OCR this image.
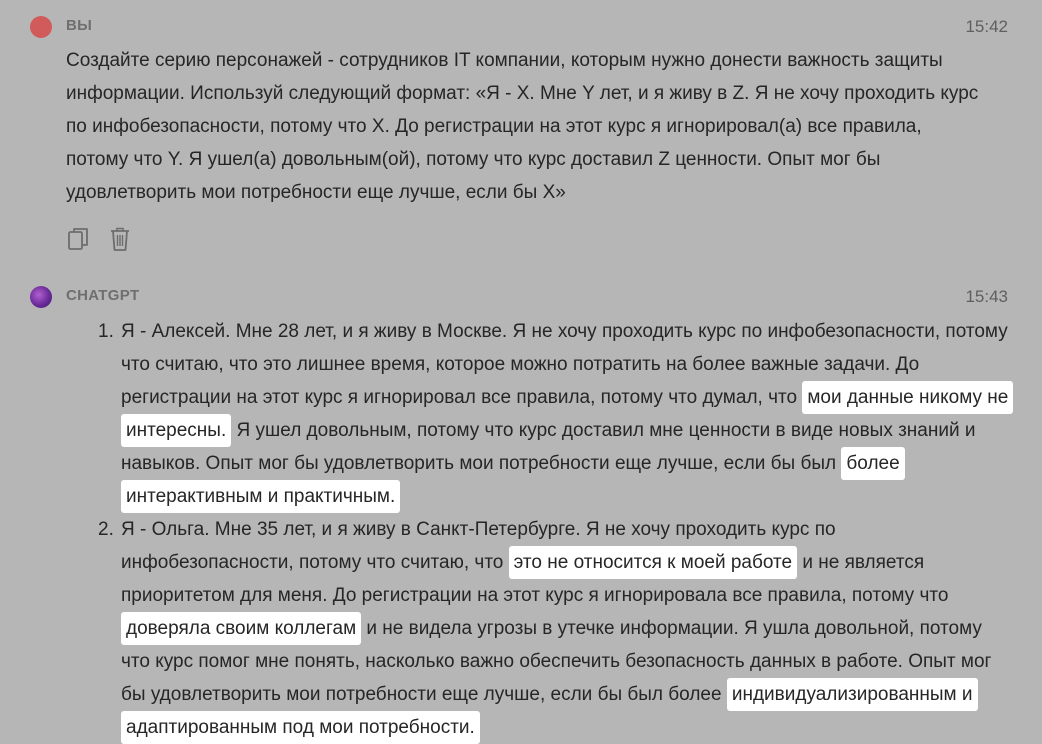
ВЫ	15:42

Создайте серию персонажей - сотрудников IT компании, которым нужно донести важность защиты информации. Используй следующий формат: «Я - X. Мне Y лет, и я живу в Z. Я не хочу проходить курс по инфобезопасности, потому что X. До регистрации на этот курс я игнорировал(а) все правила, потому что Y. Я ушел(а) довольным(ой), потому что курс доставил Z ценности. Опыт мог бы удовлетворить мои потребности еще лучше, если бы X»

CHATGPT	15:43
1. Я - Алексей. Мне 28 лет, и я живу в Москве. Я не хочу проходить курс по инфобезопасности, потому что считаю, что это лишнее время, которое можно потратить на более важные задачи. До регистрации на этот курс я игнорировал все правила, потому что думал, что мои данные никому не интересны. Я ушел довольным, потому что курс доставил мне ценности в виде новых знаний и навыков. Опыт мог бы удовлетворить мои потребности еще лучше, если бы был более интерактивным и практичным.
2. Я - Ольга. Мне 35 лет, и я живу в Санкт-Петербурге. Я не хочу проходить курс по инфобезопасности, потому что считаю, что это не относится к моей работе и не является приоритетом для меня. До регистрации на этот курс я игнорировала все правила, потому что доверяла своим коллегам и не видела угрозы в утечке информации. Я ушла довольной, потому что курс помог мне понять, насколько важно обеспечить безопасность данных в работе. Опыт мог бы удовлетворить мои потребности еще лучше, если бы был более индивидуализированным и адаптированным под мои потребности.
